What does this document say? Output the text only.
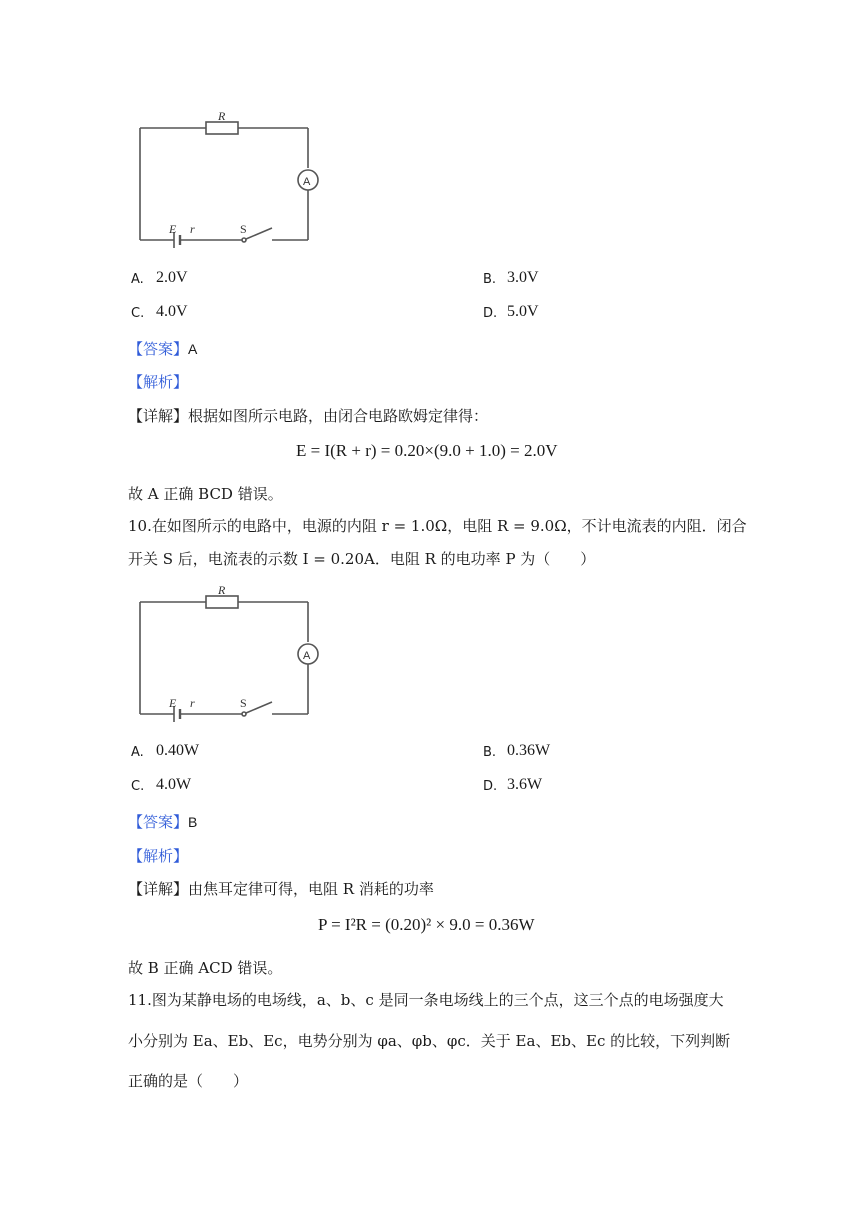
R
A
E r	S
A. 2.0V	B. 3.0V
C. 4.0V	D. 5.0V
【答案】A
【解析】
【详解】根据如图所示电路，由闭合电路欧姆定律得：
E = I(R + r) = 0.20×(9.0 + 1.0) = 2.0V
故 A 正确 BCD 错误。
10.在如图所示的电路中，电源的内阻 r = 1.0Ω，电阻 R = 9.0Ω，不计电流表的内阻．闭合
开关 S 后，电流表的示数 I = 0.20A．电阻 R 的电功率 P 为（　　）
R
A
E r	S
A. 0.40W	B. 0.36W
C. 4.0W	D. 3.6W
【答案】B
【解析】
【详解】由焦耳定律可得，电阻 R 消耗的功率
P = I²R = (0.20)² × 9.0 = 0.36W
故 B 正确 ACD 错误。
11.图为某静电场的电场线，a、b、c 是同一条电场线上的三个点，这三个点的电场强度大
小分别为 Ea、Eb、Ec，电势分别为 φa、φb、φc．关于 Ea、Eb、Ec 的比较，下列判断
正确的是（　　）
